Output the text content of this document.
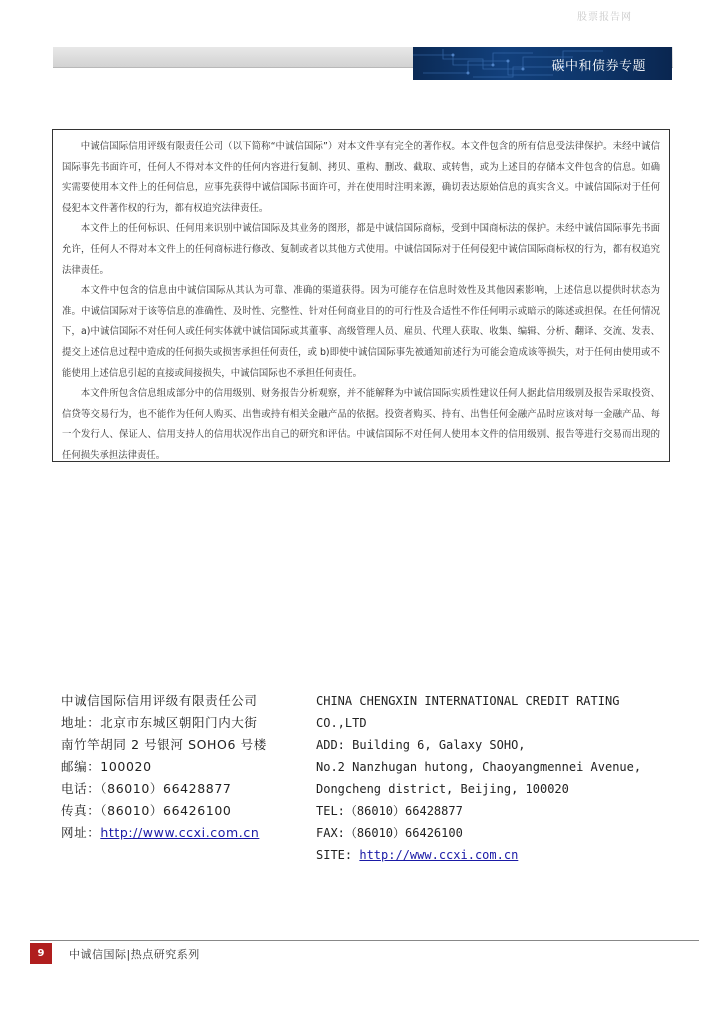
股票报告网
碳中和债券专题

中诚信国际信用评级有限责任公司（以下简称“中诚信国际”）对本文件享有完全的著作权。本文件包含的所有信息受法律保护。未经中诚信国际事先书面许可，任何人不得对本文件的任何内容进行复制、拷贝、重构、删改、截取、或转售，或为上述目的存储本文件包含的信息。如确实需要使用本文件上的任何信息，应事先获得中诚信国际书面许可，并在使用时注明来源，确切表达原始信息的真实含义。中诚信国际对于任何侵犯本文件著作权的行为，都有权追究法律责任。

本文件上的任何标识、任何用来识别中诚信国际及其业务的图形，都是中诚信国际商标，受到中国商标法的保护。未经中诚信国际事先书面允许，任何人不得对本文件上的任何商标进行修改、复制或者以其他方式使用。中诚信国际对于任何侵犯中诚信国际商标权的行为，都有权追究法律责任。

本文件中包含的信息由中诚信国际从其认为可靠、准确的渠道获得。因为可能存在信息时效性及其他因素影响，上述信息以提供时状态为准。中诚信国际对于该等信息的准确性、及时性、完整性、针对任何商业目的的可行性及合适性不作任何明示或暗示的陈述或担保。在任何情况下，a)中诚信国际不对任何人或任何实体就中诚信国际或其董事、高级管理人员、雇员、代理人获取、收集、编辑、分析、翻译、交流、发表、提交上述信息过程中造成的任何损失或损害承担任何责任，或 b)即使中诚信国际事先被通知前述行为可能会造成该等损失，对于任何由使用或不能使用上述信息引起的直接或间接损失，中诚信国际也不承担任何责任。

本文件所包含信息组成部分中的信用级别、财务报告分析观察，并不能解释为中诚信国际实质性建议任何人据此信用级别及报告采取投资、信贷等交易行为，也不能作为任何人购买、出售或持有相关金融产品的依据。投资者购买、持有、出售任何金融产品时应该对每一金融产品、每一个发行人、保证人、信用支持人的信用状况作出自己的研究和评估。中诚信国际不对任何人使用本文件的信用级别、报告等进行交易而出现的任何损失承担法律责任。

中诚信国际信用评级有限责任公司
地址：北京市东城区朝阳门内大街
南竹竿胡同 2 号银河 SOHO6 号楼
邮编：100020
电话：（86010）66428877
传真：（86010）66426100
网址：http://www.ccxi.com.cn
CHINA CHENGXIN INTERNATIONAL CREDIT RATING
CO.,LTD
ADD: Building 6, Galaxy SOHO,
No.2 Nanzhugan hutong, Chaoyangmennei Avenue,
Dongcheng district, Beijing, 100020
TEL:（86010）66428877
FAX:（86010）66426100
SITE: http://www.ccxi.com.cn
9	中诚信国际|热点研究系列
